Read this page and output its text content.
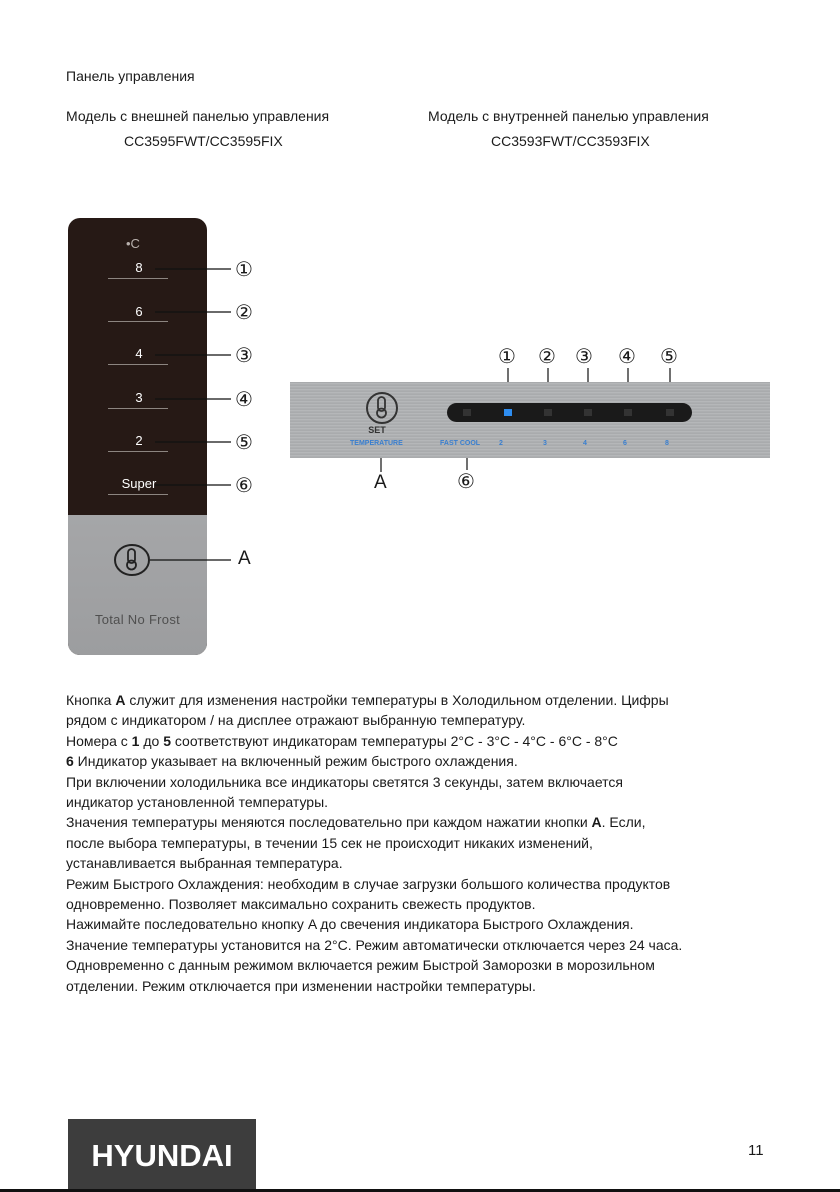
Панель управления
Модель с внешней панелью управления
CC3595FWT/CC3595FIX
Модель с внутренней панелью управления
CC3593FWT/CC3593FIX
•C
8
6
4
3
2
Super
①
②
③
④
⑤
⑥
A
Total No Frost
SET
TEMPERATURE	FAST COOL	2	3	4	6	8
① ② ③ ④ ⑤
⑥
A

Кнопка A служит для изменения настройки температуры в Холодильном отделении. Цифры

рядом с индикатором / на дисплее отражают выбранную температуру.

Номера с 1 до 5 соответствуют индикаторам температуры 2°C - 3°C - 4°C - 6°C - 8°C

6 Индикатор указывает на включенный режим быстрого охлаждения.

При включении холодильника все индикаторы светятся 3 секунды, затем включается

индикатор установленной температуры.

Значения температуры меняются последовательно при каждом нажатии кнопки A. Если,

после выбора температуры, в течении 15 сек не происходит никаких изменений,

устанавливается выбранная температура.

Режим Быстрого Охлаждения: необходим в случае загрузки большого количества продуктов

одновременно. Позволяет максимально сохранить свежесть продуктов.

Нажимайте последовательно кнопку A до свечения индикатора Быстрого Охлаждения.

Значение температуры установится на 2°C. Режим автоматически отключается через 24 часа.

Одновременно с данным режимом включается режим Быстрой Заморозки в морозильном

отделении. Режим отключается при изменении настройки температуры.

HYUNDAI	11
